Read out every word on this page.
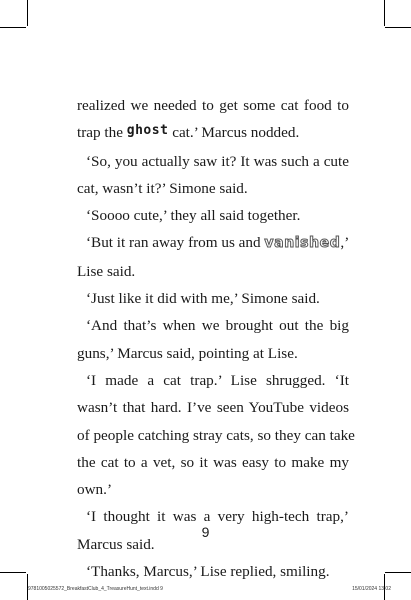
realized we needed to get some cat food to
trap the ghost cat.’ Marcus nodded.
‘So, you actually saw it? It was such a cute
cat, wasn’t it?’ Simone said.
‘Soooo cute,’ they all said together.
‘But it ran away from us and vanished,’
Lise said.
‘Just like it did with me,’ Simone said.
‘And that’s when we brought out the big
guns,’ Marcus said, pointing at Lise.
‘I made a cat trap.’ Lise shrugged. ‘It
wasn’t that hard. I’ve seen YouTube videos
of people catching stray cats, so they can take
the cat to a vet, so it was easy to make my
own.’
‘I thought it was a very high-tech trap,’
Marcus said.
‘Thanks, Marcus,’ Lise replied, smiling.
9
9781005025572_BreakfastClub_4_TreasureHunt_text.indd 9	15/01/2024 13:02
